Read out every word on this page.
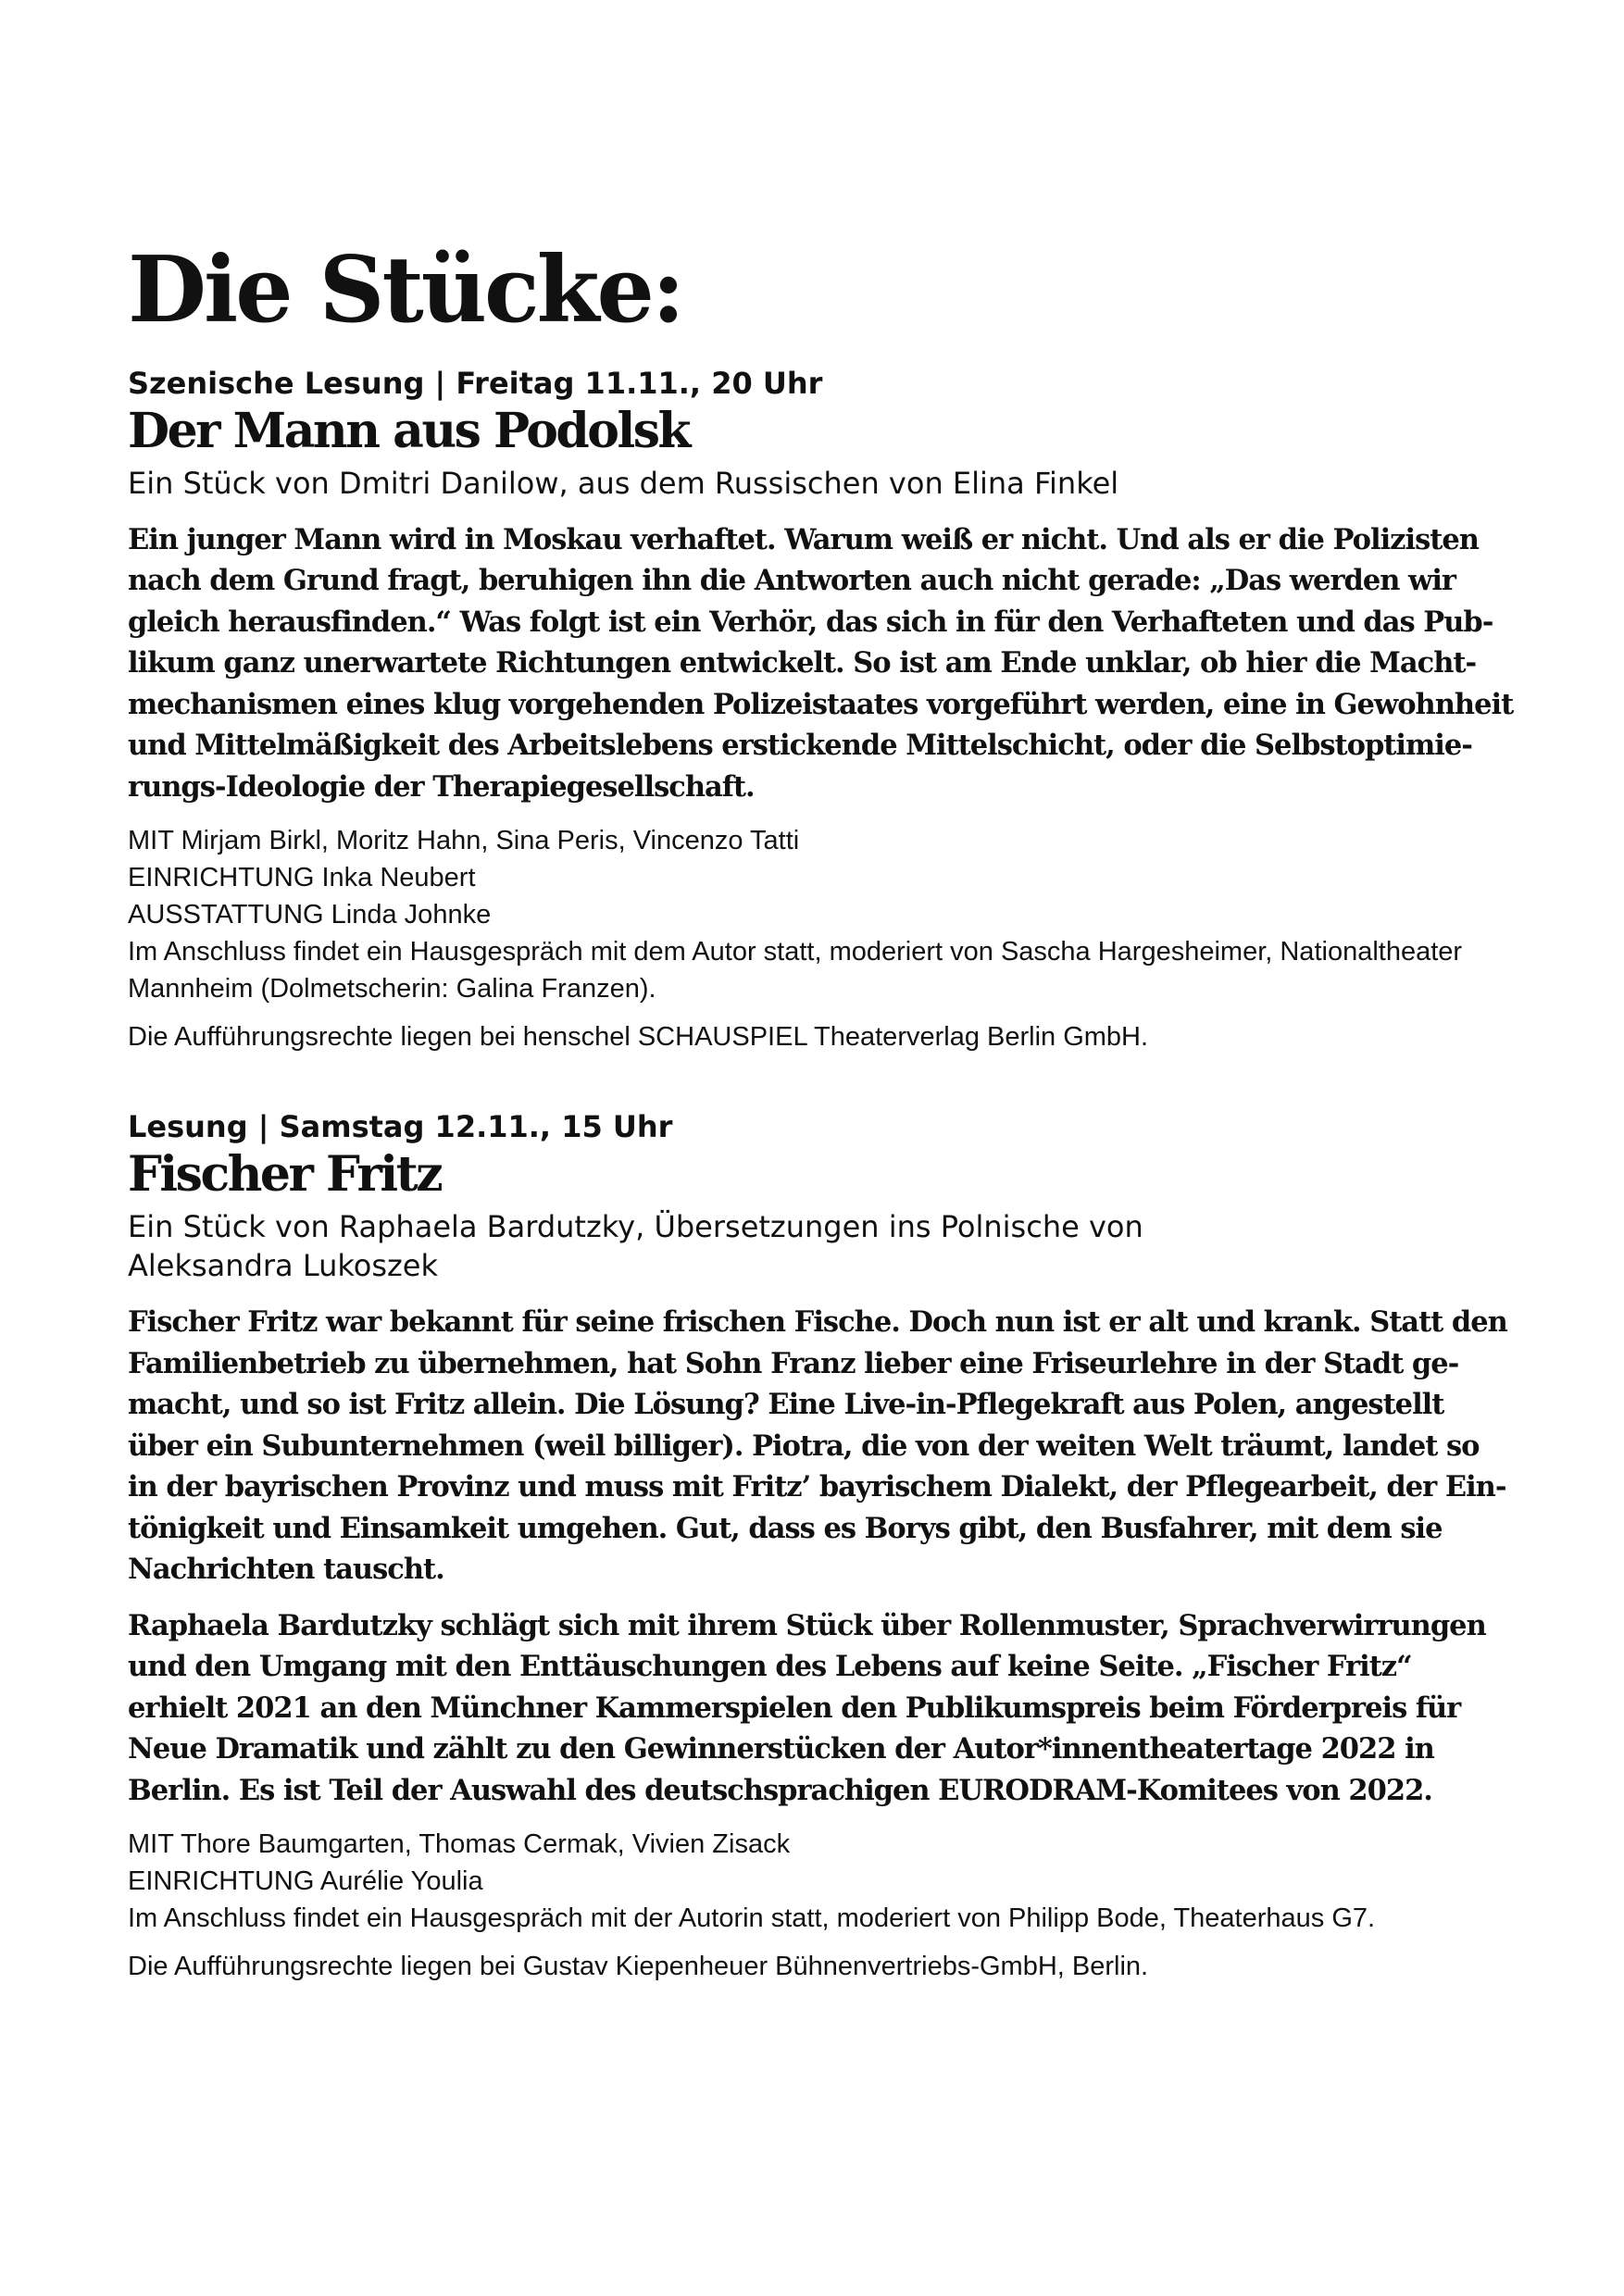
Die Stücke:

Szenische Lesung | Freitag 11.11., 20 Uhr

Der Mann aus Podolsk

Ein Stück von Dmitri Danilow, aus dem Russischen von Elina Finkel

Ein junger Mann wird in Moskau verhaftet. Warum weiß er nicht. Und als er die Polizisten nach dem Grund fragt, beruhigen ihn die Antworten auch nicht gerade: „Das werden wir gleich herausfinden.“ Was folgt ist ein Verhör, das sich in für den Verhafteten und das Publikum ganz unerwartete Richtungen entwickelt. So ist am Ende unklar, ob hier die Machtmechanismen eines klug vorgehenden Polizeistaates vorgeführt werden, eine in Gewohnheit und Mittelmäßigkeit des Arbeitslebens erstickende Mittelschicht, oder die Selbstoptimierungs-Ideologie der Therapiegesellschaft.

MIT Mirjam Birkl, Moritz Hahn, Sina Peris, Vincenzo Tatti

EINRICHTUNG Inka Neubert

AUSSTATTUNG Linda Johnke

Im Anschluss findet ein Hausgespräch mit dem Autor statt, moderiert von Sascha Hargesheimer, Nationaltheater Mannheim (Dolmetscherin: Galina Franzen).

Die Aufführungsrechte liegen bei henschel SCHAUSPIEL Theaterverlag Berlin GmbH.

Lesung | Samstag 12.11., 15 Uhr

Fischer Fritz

Ein Stück von Raphaela Bardutzky, Übersetzungen ins Polnische von Aleksandra Lukoszek

Fischer Fritz war bekannt für seine frischen Fische. Doch nun ist er alt und krank. Statt den Familienbetrieb zu übernehmen, hat Sohn Franz lieber eine Friseurlehre in der Stadt gemacht, und so ist Fritz allein. Die Lösung? Eine Live-in-Pflegekraft aus Polen, angestellt über ein Subunternehmen (weil billiger). Piotra, die von der weiten Welt träumt, landet so in der bayrischen Provinz und muss mit Fritz’ bayrischem Dialekt, der Pflegearbeit, der Eintönigkeit und Einsamkeit umgehen. Gut, dass es Borys gibt, den Busfahrer, mit dem sie Nachrichten tauscht.

Raphaela Bardutzky schlägt sich mit ihrem Stück über Rollenmuster, Sprachverwirrungen und den Umgang mit den Enttäuschungen des Lebens auf keine Seite. „Fischer Fritz“ erhielt 2021 an den Münchner Kammerspielen den Publikumspreis beim Förderpreis für Neue Dramatik und zählt zu den Gewinnerstücken der Autor*innentheatertage 2022 in Berlin. Es ist Teil der Auswahl des deutschsprachigen EURODRAM-Komitees von 2022.

MIT Thore Baumgarten, Thomas Cermak, Vivien Zisack

EINRICHTUNG Aurélie Youlia

Im Anschluss findet ein Hausgespräch mit der Autorin statt, moderiert von Philipp Bode, Theaterhaus G7.

Die Aufführungsrechte liegen bei Gustav Kiepenheuer Bühnenvertriebs-GmbH, Berlin.
